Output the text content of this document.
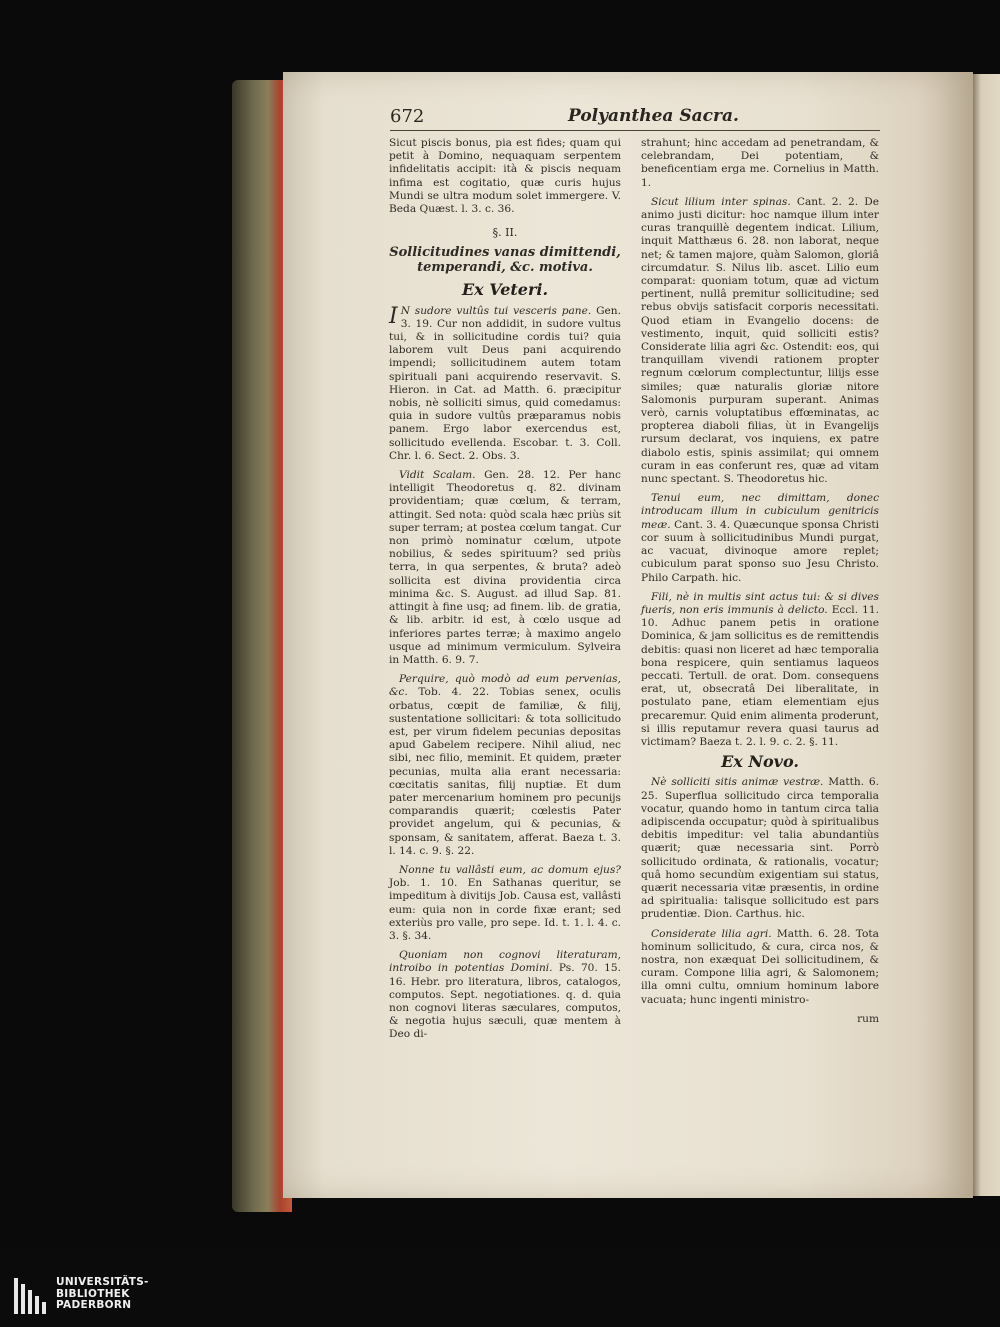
672	Polyanthea Sacra.

Sicut piscis bonus, pia est fides; quam qui petit à Domino, nequaquam serpentem infidelitatis accipit: ità & piscis nequam infima est cogitatio, quæ curis hujus Mundi se ultra modum solet immergere. V. Beda Quæst. l. 3. c. 36.

§. II.
Sollicitudines vanas dimittendi, temperandi, &c. motiva.
Ex Veteri.

I N sudore vultûs tui vesceris pane. Gen. 3. 19. Cur non addidit, in sudore vultus tui, & in sollicitudine cordis tui? quia laborem vult Deus pani acquirendo impendi; sollicitudinem autem totam spirituali pani acquirendo reservavit. S. Hieron. in Cat. ad Matth. 6. præcipitur nobis, nè solliciti simus, quid comedamus: quia in sudore vultûs præparamus nobis panem. Ergo labor exercendus est, sollicitudo evellenda. Escobar. t. 3. Coll. Chr. l. 6. Sect. 2. Obs. 3.

Vidit Scalam. Gen. 28. 12. Per hanc intelligit Theodoretus q. 82. divinam providentiam; quæ cœlum, & terram, attingit. Sed nota: quòd scala hæc priùs sit super terram; at postea cœlum tangat. Cur non primò nominatur cœlum, utpote nobilius, & sedes spirituum? sed priùs terra, in qua serpentes, & bruta? adeò sollicita est divina providentia circa minima &c. S. August. ad illud Sap. 81. attingit à fine usq; ad finem. lib. de gratia, & lib. arbitr. id est, à cœlo usque ad inferiores partes terræ; à maximo angelo usque ad minimum vermiculum. Sylveira in Matth. 6. 9. 7.

Perquire, quò modò ad eum pervenias, &c. Tob. 4. 22. Tobias senex, oculis orbatus, cœpit de familiæ, & filij, sustentatione sollicitari: & tota sollicitudo est, per virum fidelem pecunias depositas apud Gabelem recipere. Nihil aliud, nec sibi, nec filio, meminit. Et quidem, præter pecunias, multa alia erant necessaria: cœcitatis sanitas, filij nuptiæ. Et dum pater mercenarium hominem pro pecunijs comparandis quærit; cœlestis Pater providet angelum, qui & pecunias, & sponsam, & sanitatem, afferat. Baeza t. 3. l. 14. c. 9. §. 22.

Nonne tu vallâsti eum, ac domum ejus? Job. 1. 10. En Sathanas queritur, se impeditum à divitijs Job. Causa est, vallâsti eum: quia non in corde fixæ erant; sed exteriùs pro valle, pro sepe. Id. t. 1. l. 4. c. 3. §. 34.

Quoniam non cognovi literaturam, introibo in potentias Domini. Ps. 70. 15. 16. Hebr. pro literatura, libros, catalogos, computos. Sept. negotiationes. q. d. quia non cognovi literas sæculares, computos, & negotia hujus sæculi, quæ mentem à Deo di-

strahunt; hinc accedam ad penetrandam, & celebrandam, Dei potentiam, & beneficentiam erga me. Cornelius in Matth. 1.

Sicut lilium inter spinas. Cant. 2. 2. De animo justi dicitur: hoc namque illum inter curas tranquillè degentem indicat. Lilium, inquit Matthæus 6. 28. non laborat, neque net; & tamen majore, quàm Salomon, gloriâ circumdatur. S. Nilus lib. ascet. Lilio eum comparat: quoniam totum, quæ ad victum pertinent, nullâ premitur sollicitudine; sed rebus obvijs satisfacit corporis necessitati. Quod etiam in Evangelio docens: de vestimento, inquit, quid solliciti estis? Considerate lilia agri &c. Ostendit: eos, qui tranquillam vivendi rationem propter regnum cœlorum complectuntur, lilijs esse similes; quæ naturalis gloriæ nitore Salomonis purpuram superant. Animas verò, carnis voluptatibus effœminatas, ac propterea diaboli filias, ùt in Evangelijs rursum declarat, vos inquiens, ex patre diabolo estis, spinis assimilat; qui omnem curam in eas conferunt res, quæ ad vitam nunc spectant. S. Theodoretus hic.

Tenui eum, nec dimittam, donec introducam illum in cubiculum genitricis meæ. Cant. 3. 4. Quæcunque sponsa Christi cor suum à sollicitudinibus Mundi purgat, ac vacuat, divinoque amore replet; cubiculum parat sponso suo Jesu Christo. Philo Carpath. hic.

Fili, nè in multis sint actus tui: & si dives fueris, non eris immunis à delicto. Eccl. 11. 10. Adhuc panem petis in oratione Dominica, & jam sollicitus es de remittendis debitis: quasi non liceret ad hæc temporalia bona respicere, quin sentiamus laqueos peccati. Tertull. de orat. Dom. consequens erat, ut, obsecratâ Dei liberalitate, in postulato pane, etiam elementiam ejus precaremur. Quid enim alimenta proderunt, si illis reputamur revera quasi taurus ad victimam? Baeza t. 2. l. 9. c. 2. §. 11.

Ex Novo.

Nè solliciti sitis animæ vestræ. Matth. 6. 25. Superflua sollicitudo circa temporalia vocatur, quando homo in tantum circa talia adipiscenda occupatur; quòd à spiritualibus debitis impeditur: vel talia abundantiùs quærit; quæ necessaria sint. Porrò sollicitudo ordinata, & rationalis, vocatur; quâ homo secundùm exigentiam sui status, quærit necessaria vitæ præsentis, in ordine ad spiritualia: talisque sollicitudo est pars prudentiæ. Dion. Carthus. hic.

Considerate lilia agri. Matth. 6. 28. Tota hominum sollicitudo, & cura, circa nos, & nostra, non exæquat Dei sollicitudinem, & curam. Compone lilia agri, & Salomonem; illa omni cultu, omnium hominum labore vacuata; hunc ingenti ministro-

rum
UNIVERSITÄTS-
BIBLIOTHEK
PADERBORN
